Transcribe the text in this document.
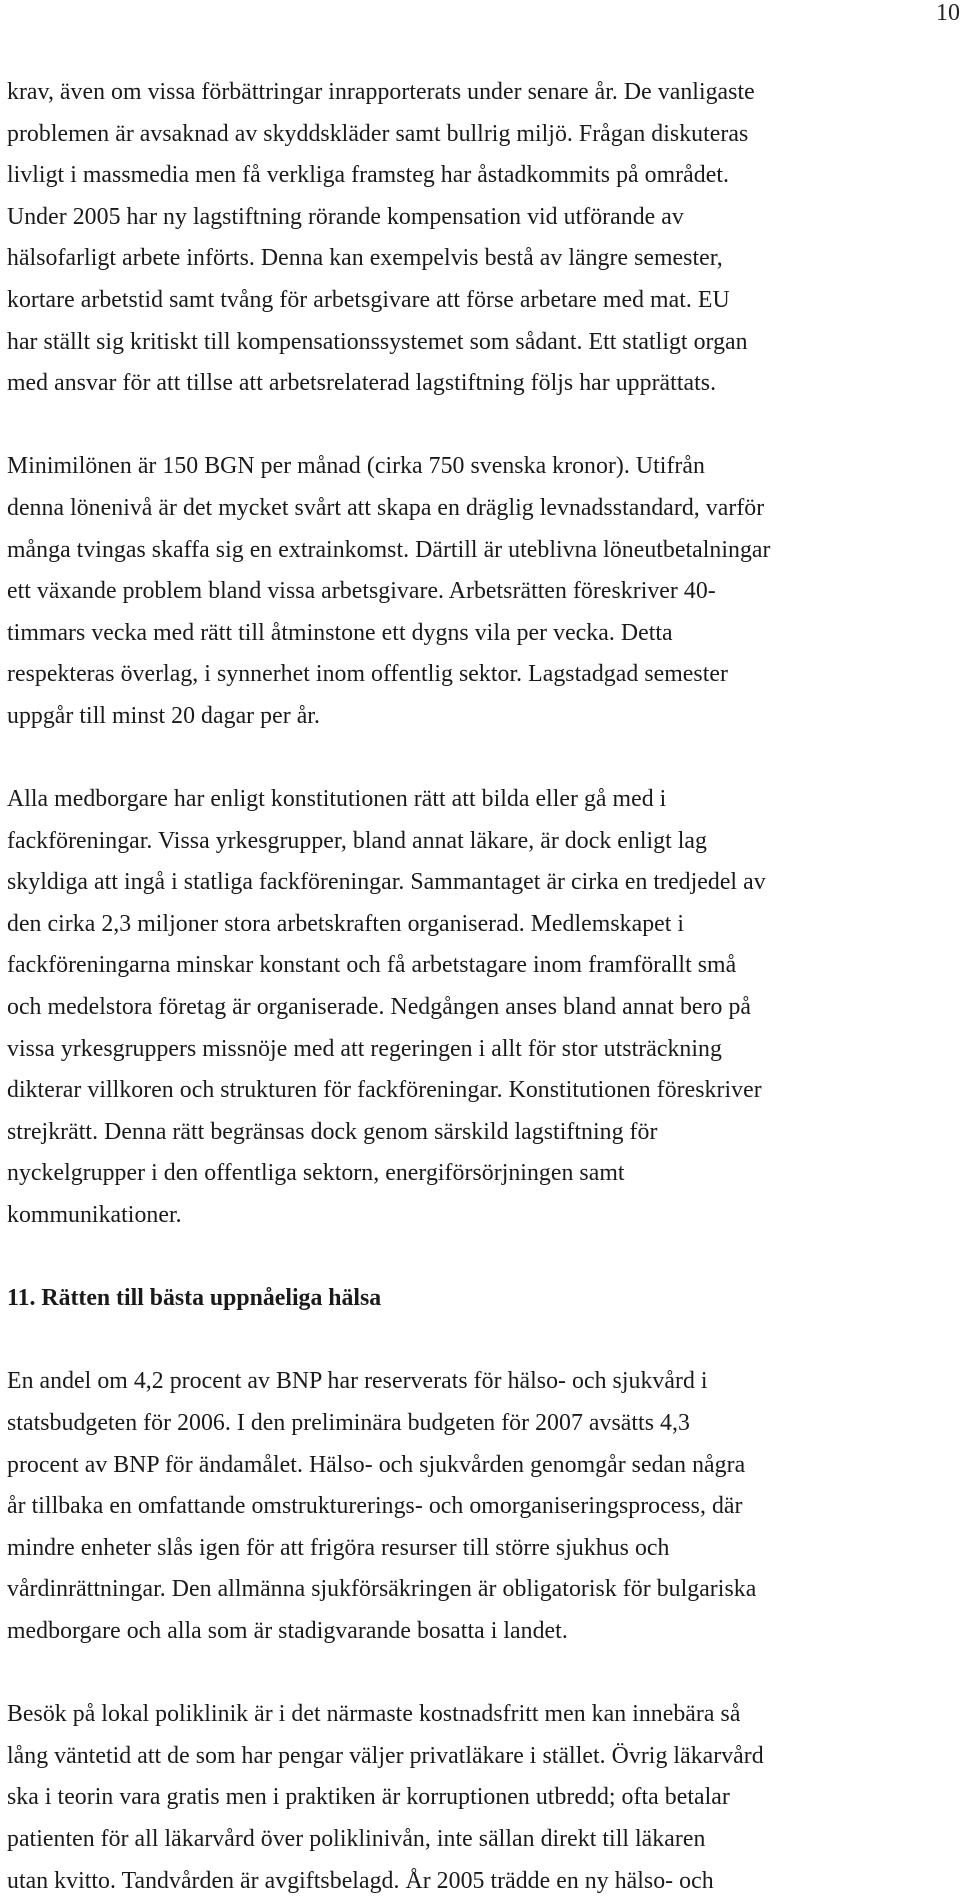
10

krav, även om vissa förbättringar inrapporterats under senare år. De vanligaste
problemen är avsaknad av skyddskläder samt bullrig miljö. Frågan diskuteras
livligt i massmedia men få verkliga framsteg har åstadkommits på området.
Under 2005 har ny lagstiftning rörande kompensation vid utförande av
hälsofarligt arbete införts. Denna kan exempelvis bestå av längre semester,
kortare arbetstid samt tvång för arbetsgivare att förse arbetare med mat. EU
har ställt sig kritiskt till kompensationssystemet som sådant. Ett statligt organ
med ansvar för att tillse att arbetsrelaterad lagstiftning följs har upprättats.

Minimilönen är 150 BGN per månad (cirka 750 svenska kronor). Utifrån
denna lönenivå är det mycket svårt att skapa en dräglig levnadsstandard, varför
många tvingas skaffa sig en extrainkomst. Därtill är uteblivna löneutbetalningar
ett växande problem bland vissa arbetsgivare. Arbetsrätten föreskriver 40-
timmars vecka med rätt till åtminstone ett dygns vila per vecka. Detta
respekteras överlag, i synnerhet inom offentlig sektor. Lagstadgad semester
uppgår till minst 20 dagar per år.

Alla medborgare har enligt konstitutionen rätt att bilda eller gå med i
fackföreningar. Vissa yrkesgrupper, bland annat läkare, är dock enligt lag
skyldiga att ingå i statliga fackföreningar. Sammantaget är cirka en tredjedel av
den cirka 2,3 miljoner stora arbetskraften organiserad. Medlemskapet i
fackföreningarna minskar konstant och få arbetstagare inom framförallt små
och medelstora företag är organiserade. Nedgången anses bland annat bero på
vissa yrkesgruppers missnöje med att regeringen i allt för stor utsträckning
dikterar villkoren och strukturen för fackföreningar. Konstitutionen föreskriver
strejkrätt. Denna rätt begränsas dock genom särskild lagstiftning för
nyckelgrupper i den offentliga sektorn, energiförsörjningen samt
kommunikationer.

11. Rätten till bästa uppnåeliga hälsa

En andel om 4,2 procent av BNP har reserverats för hälso- och sjukvård i
statsbudgeten för 2006. I den preliminära budgeten för 2007 avsätts 4,3
procent av BNP för ändamålet. Hälso- och sjukvården genomgår sedan några
år tillbaka en omfattande omstrukturerings- och omorganiseringsprocess, där
mindre enheter slås igen för att frigöra resurser till större sjukhus och
vårdinrättningar. Den allmänna sjukförsäkringen är obligatorisk för bulgariska
medborgare och alla som är stadigvarande bosatta i landet.

Besök på lokal poliklinik är i det närmaste kostnadsfritt men kan innebära så
lång väntetid att de som har pengar väljer privatläkare i stället. Övrig läkarvård
ska i teorin vara gratis men i praktiken är korruptionen utbredd; ofta betalar
patienten för all läkarvård över poliklinivån, inte sällan direkt till läkaren
utan kvitto. Tandvården är avgiftsbelagd. År 2005 trädde en ny hälso- och
